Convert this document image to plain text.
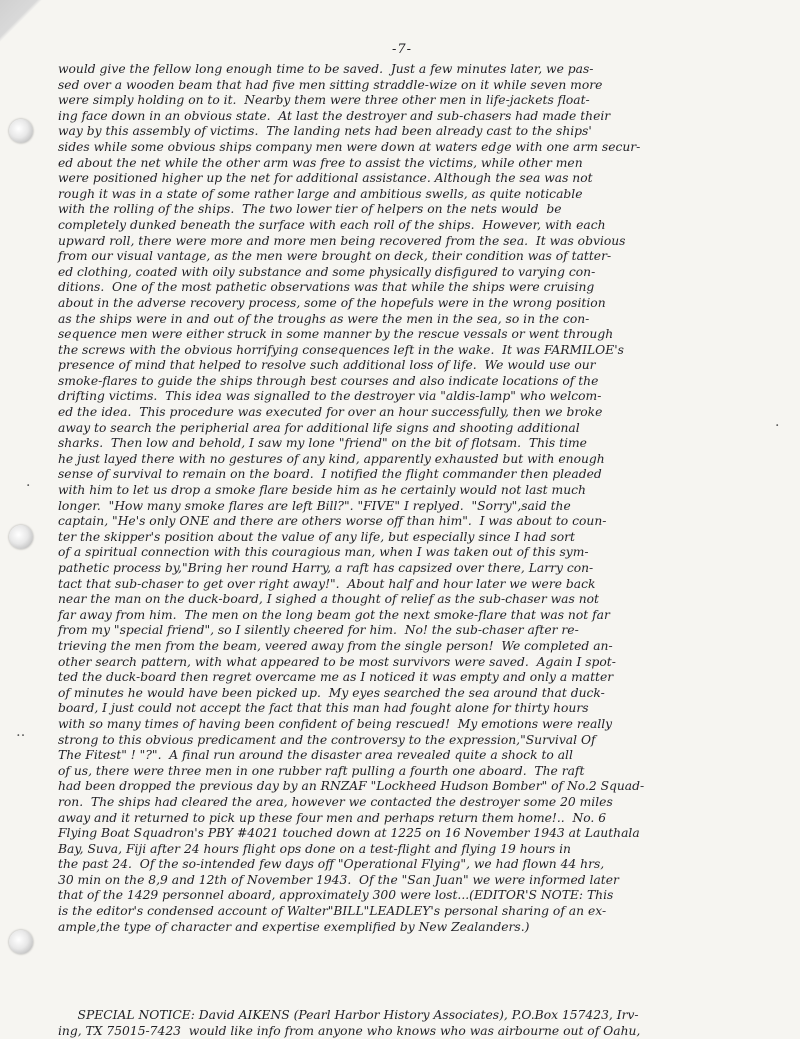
·
·
‥
-7-
would give the fellow long enough time to be saved.  Just a few minutes later, we pas-
sed over a wooden beam that had five men sitting straddle-wize on it while seven more
were simply holding on to it.  Nearby them were three other men in life-jackets float-
ing face down in an obvious state.  At last the destroyer and sub-chasers had made their
way by this assembly of victims.  The landing nets had been already cast to the ships'
sides while some obvious ships company men were down at waters edge with one arm secur-
ed about the net while the other arm was free to assist the victims, while other men
were positioned higher up the net for additional assistance. Although the sea was not
rough it was in a state of some rather large and ambitious swells, as quite noticable
with the rolling of the ships.  The two lower tier of helpers on the nets would  be
completely dunked beneath the surface with each roll of the ships.  However, with each
upward roll, there were more and more men being recovered from the sea.  It was obvious
from our visual vantage, as the men were brought on deck, their condition was of tatter-
ed clothing, coated with oily substance and some physically disfigured to varying con-
ditions.  One of the most pathetic observations was that while the ships were cruising
about in the adverse recovery process, some of the hopefuls were in the wrong position
as the ships were in and out of the troughs as were the men in the sea, so in the con-
sequence men were either struck in some manner by the rescue vessals or went through
the screws with the obvious horrifying consequences left in the wake.  It was FARMILOE's
presence of mind that helped to resolve such additional loss of life.  We would use our
smoke-flares to guide the ships through best courses and also indicate locations of the
drifting victims.  This idea was signalled to the destroyer via "aldis-lamp" who welcom-
ed the idea.  This procedure was executed for over an hour successfully, then we broke
away to search the peripherial area for additional life signs and shooting additional
sharks.  Then low and behold, I saw my lone "friend" on the bit of flotsam.  This time
he just layed there with no gestures of any kind, apparently exhausted but with enough
sense of survival to remain on the board.  I notified the flight commander then pleaded
with him to let us drop a smoke flare beside him as he certainly would not last much
longer.  "How many smoke flares are left Bill?". "FIVE" I replyed.  "Sorry",said the
captain, "He's only ONE and there are others worse off than him".  I was about to coun-
ter the skipper's position about the value of any life, but especially since I had sort
of a spiritual connection with this couragious man, when I was taken out of this sym-
pathetic process by,"Bring her round Harry, a raft has capsized over there, Larry con-
tact that sub-chaser to get over right away!".  About half and hour later we were back
near the man on the duck-board, I sighed a thought of relief as the sub-chaser was not
far away from him.  The men on the long beam got the next smoke-flare that was not far
from my "special friend", so I silently cheered for him.  No! the sub-chaser after re-
trieving the men from the beam, veered away from the single person!  We completed an-
other search pattern, with what appeared to be most survivors were saved.  Again I spot-
ted the duck-board then regret overcame me as I noticed it was empty and only a matter
of minutes he would have been picked up.  My eyes searched the sea around that duck-
board, I just could not accept the fact that this man had fought alone for thirty hours
with so many times of having been confident of being rescued!  My emotions were really
strong to this obvious predicament and the controversy to the expression,"Survival Of
The Fitest" ! "?".  A final run around the disaster area revealed quite a shock to all
of us, there were three men in one rubber raft pulling a fourth one aboard.  The raft
had been dropped the previous day by an RNZAF "Lockheed Hudson Bomber" of No.2 Squad-
ron.  The ships had cleared the area, however we contacted the destroyer some 20 miles
away and it returned to pick up these four men and perhaps return them home!..  No. 6
Flying Boat Squadron's PBY #4021 touched down at 1225 on 16 November 1943 at Lauthala
Bay, Suva, Fiji after 24 hours flight ops done on a test-flight and flying 19 hours in
the past 24.  Of the so-intended few days off "Operational Flying", we had flown 44 hrs,
30 min on the 8,9 and 12th of November 1943.  Of the "San Juan" we were informed later
that of the 1429 personnel aboard, approximately 300 were lost...(EDITOR'S NOTE: This
is the editor's condensed account of Walter"BILL"LEADLEY's personal sharing of an ex-
ample,the type of character and expertise exemplified by New Zealanders.)
SPECIAL NOTICE: David AIKENS (Pearl Harbor History Associates), P.O.Box 157423, Irv-
ing, TX 75015-7423  would like info from anyone who knows who was airbourne out of Oahu,
